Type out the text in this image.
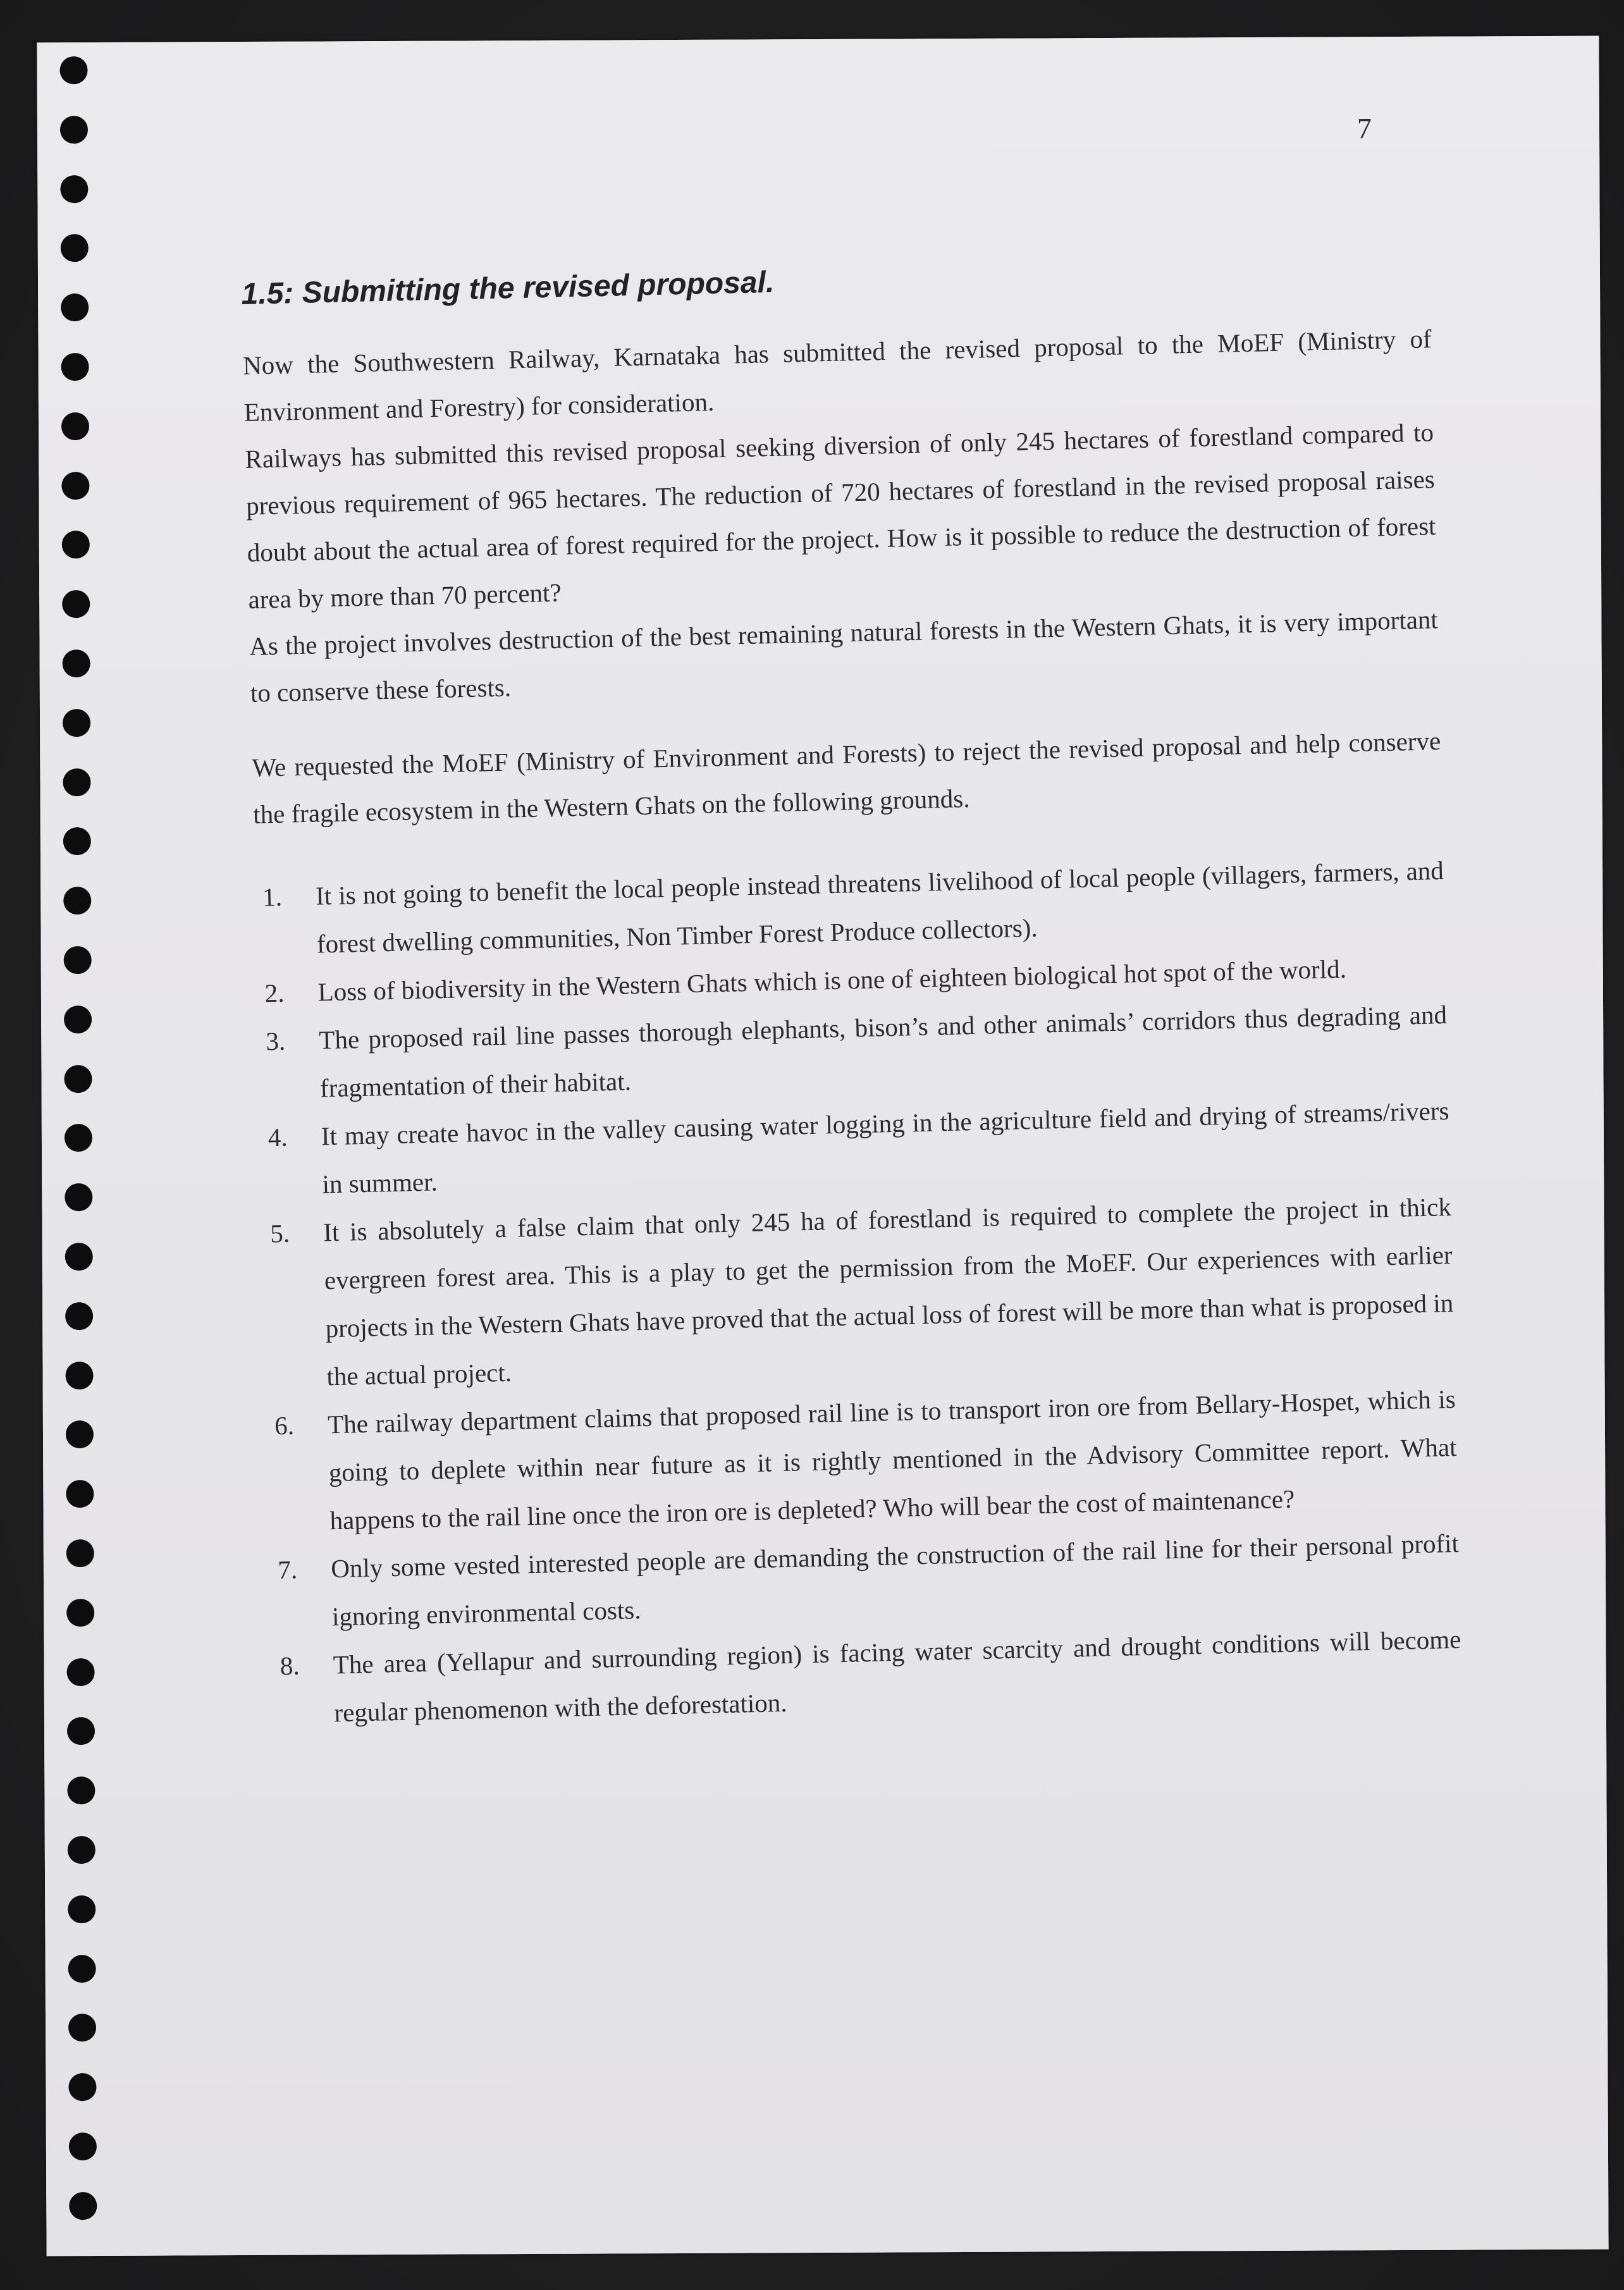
7
1.5: Submitting the revised proposal.

Now the Southwestern Railway, Karnataka has submitted the revised proposal to the MoEF (Ministry of Environment and Forestry) for consideration.

Railways has submitted this revised proposal seeking diversion of only 245 hectares of forestland compared to previous requirement of 965 hectares. The reduction of 720 hectares of forestland in the revised proposal raises doubt about the actual area of forest required for the project. How is it possible to reduce the destruction of forest area by more than 70 percent?

As the project involves destruction of the best remaining natural forests in the Western Ghats, it is very important to conserve these forests.

We requested the MoEF (Ministry of Environment and Forests) to reject the revised proposal and help conserve the fragile ecosystem in the Western Ghats on the following grounds.

1. It is not going to benefit the local people instead threatens livelihood of local people (villagers, farmers, and forest dwelling communities, Non Timber Forest Produce collectors).
2. Loss of biodiversity in the Western Ghats which is one of eighteen biological hot spot of the world.
3. The proposed rail line passes thorough elephants, bison’s and other animals’ corridors thus degrading and fragmentation of their habitat.
4. It may create havoc in the valley causing water logging in the agriculture field and drying of streams/rivers in summer.
5. It is absolutely a false claim that only 245 ha of forestland is required to complete the project in thick evergreen forest area. This is a play to get the permission from the MoEF. Our experiences with earlier projects in the Western Ghats have proved that the actual loss of forest will be more than what is proposed in the actual project.
6. The railway department claims that proposed rail line is to transport iron ore from Bellary-Hospet, which is going to deplete within near future as it is rightly mentioned in the Advisory Committee report. What happens to the rail line once the iron ore is depleted? Who will bear the cost of maintenance?
7. Only some vested interested people are demanding the construction of the rail line for their personal profit ignoring environmental costs.
8. The area (Yellapur and surrounding region) is facing water scarcity and drought conditions will become regular phenomenon with the deforestation.
